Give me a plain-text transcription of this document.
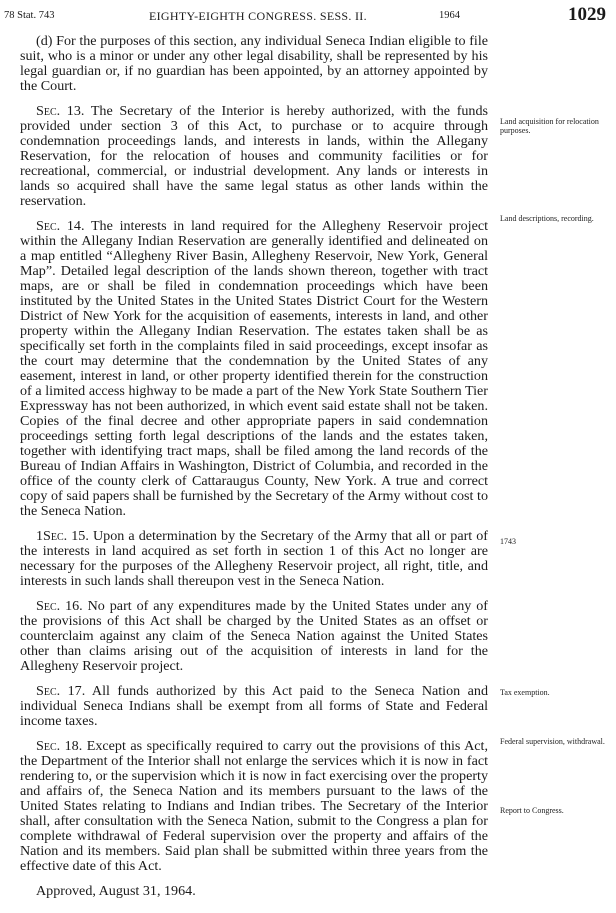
78 Stat. 743	EIGHTY-EIGHTH CONGRESS. SESS. II.	1964	1029

(d) For the purposes of this section, any individual Seneca Indian eligible to file suit, who is a minor or under any other legal disability, shall be represented by his legal guardian or, if no guardian has been appointed, by an attorney appointed by the Court.

Sec. 13. The Secretary of the Interior is hereby authorized, with the funds provided under section 3 of this Act, to purchase or to acquire through condemnation proceedings lands, and interests in lands, within the Allegany Reservation, for the relocation of houses and community facilities or for recreational, commercial, or industrial development. Any lands or interests in lands so acquired shall have the same legal status as other lands within the reservation.

Sec. 14. The interests in land required for the Allegheny Reservoir project within the Allegany Indian Reservation are generally identified and delineated on a map entitled “Allegheny River Basin, Allegheny Reservoir, New York, General Map”. Detailed legal description of the lands shown thereon, together with tract maps, are or shall be filed in condemnation proceedings which have been instituted by the United States in the United States District Court for the Western District of New York for the acquisition of easements, interests in land, and other property within the Allegany Indian Reservation. The estates taken shall be as specifically set forth in the complaints filed in said proceedings, except insofar as the court may determine that the condemnation by the United States of any easement, interest in land, or other property identified therein for the construction of a limited access highway to be made a part of the New York State Southern Tier Expressway has not been authorized, in which event said estate shall not be taken. Copies of the final decree and other appropriate papers in said condemnation proceedings setting forth legal descriptions of the lands and the estates taken, together with identifying tract maps, shall be filed among the land records of the Bureau of Indian Affairs in Washington, District of Columbia, and recorded in the office of the county clerk of Cattaraugus County, New York. A true and correct copy of said papers shall be furnished by the Secretary of the Army without cost to the Seneca Nation.

1Sec. 15. Upon a determination by the Secretary of the Army that all or part of the interests in land acquired as set forth in section 1 of this Act no longer are necessary for the purposes of the Allegheny Reservoir project, all right, title, and interests in such lands shall thereupon vest in the Seneca Nation.

Sec. 16. No part of any expenditures made by the United States under any of the provisions of this Act shall be charged by the United States as an offset or counterclaim against any claim of the Seneca Nation against the United States other than claims arising out of the acquisition of interests in land for the Allegheny Reservoir project.

Sec. 17. All funds authorized by this Act paid to the Seneca Nation and individual Seneca Indians shall be exempt from all forms of State and Federal income taxes.

Sec. 18. Except as specifically required to carry out the provisions of this Act, the Department of the Interior shall not enlarge the services which it is now in fact rendering to, or the supervision which it is now in fact exercising over the property and affairs of, the Seneca Nation and its members pursuant to the laws of the United States relating to Indians and Indian tribes. The Secretary of the Interior shall, after consultation with the Seneca Nation, submit to the Congress a plan for complete withdrawal of Federal supervision over the property and affairs of the Nation and its members. Said plan shall be submitted within three years from the effective date of this Act.

Approved, August 31, 1964.

Land acquisition for relocation purposes.
Land descriptions, recording.
1743
Tax exemption.
Federal supervision, withdrawal.
Report to Congress.
